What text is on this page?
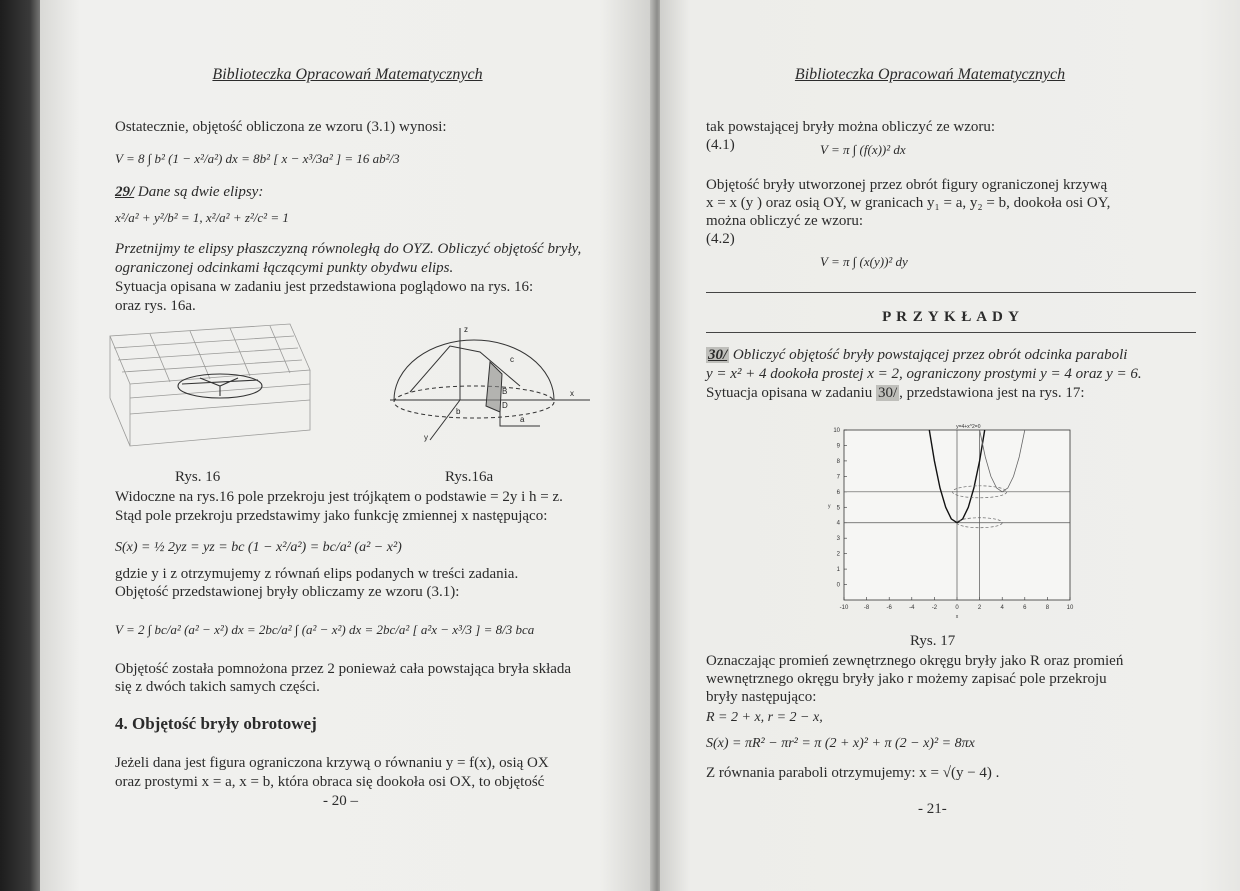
Biblioteczka Opracowań Matematycznych
Ostatecznie, objętość obliczona ze wzoru (3.1) wynosi:
V = 8 ∫ b² (1 − x²/a²) dx = 8b² [ x − x³/3a² ] = 16 ab²/3
29/ Dane są dwie elipsy:
x²/a² + y²/b² = 1, x²/a² + z²/c² = 1
Przetnijmy te elipsy płaszczyzną równoległą do OYZ. Obliczyć objętość bryły,
ograniczonej odcinkami łączącymi punkty obydwu elips.
Sytuacja opisana w zadaniu jest przedstawiona poglądowo na rys. 16:
oraz rys. 16a.
z
x
y
c
B
D
b
a
Rys. 16	Rys.16a
Widoczne na rys.16 pole przekroju jest trójkątem o podstawie = 2y i h = z.
Stąd pole przekroju przedstawimy jako funkcję zmiennej x następująco:
S(x) = ½ 2yz = yz = bc (1 − x²/a²) = bc/a² (a² − x²)
gdzie y i z otrzymujemy z równań elips podanych w treści zadania.
Objętość przedstawionej bryły obliczamy ze wzoru (3.1):
V = 2 ∫ bc/a² (a² − x²) dx = 2bc/a² ∫ (a² − x²) dx = 2bc/a² [ a²x − x³/3 ] = 8/3 bca
Objętość została pomnożona przez 2 ponieważ cała powstająca bryła składa
się z dwóch takich samych części.
4. Objętość bryły obrotowej
Jeżeli dana jest figura ograniczona krzywą o równaniu y = f(x), osią OX
oraz prostymi x = a, x = b, która obraca się dookoła osi OX, to objętość
- 20 –
Biblioteczka Opracowań Matematycznych
tak powstającej bryły można obliczyć ze wzoru:
(4.1)	V = π ∫ (f(x))² dx
Objętość bryły utworzonej przez obrót figury ograniczonej krzywą
x = x (y ) oraz osią OY, w granicach y₁ = a, y₂ = b, dookoła osi OY,
można obliczyć ze wzoru:
(4.2)
V = π ∫ (x(y))² dy
P R Z Y K Ł A D Y
30/ Obliczyć objętość bryły powstającej przez obrót odcinka paraboli
y = x² + 4 dookoła prostej x = 2, ograniczony prostymi y = 4 oraz y = 6.
Sytuacja opisana w zadaniu 30/ , przedstawiona jest na rys. 17:
-10	-8	-6	-4	-2	0	2	4	6	8	10
0
1
2
3
4
5
6
7
8
9
10
x
y
y=4+x^2=0
Rys. 17
Oznaczając promień zewnętrznego okręgu bryły jako R oraz promień
wewnętrznego okręgu bryły jako r możemy zapisać pole przekroju
bryły następująco:
R = 2 + x, r = 2 − x,
S(x) = πR² − πr² = π (2 + x)² + π (2 − x)² = 8πx
Z równania paraboli otrzymujemy: x = √(y − 4) .
- 21-
